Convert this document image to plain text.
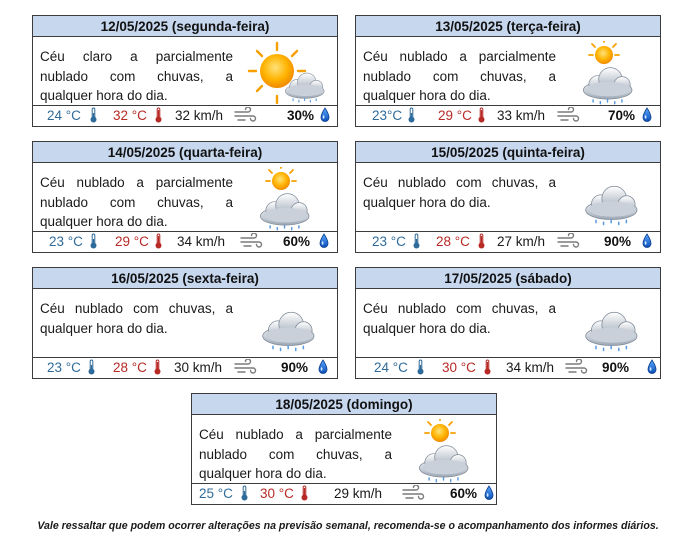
12/05/2025 (segunda-feira)
Céu claro a parcialmente nublado com chuvas, a qualquer hora do dia.
24 °C 32 °C 32 km/h	30%
13/05/2025 (terça-feira)
Céu nublado a parcialmente nublado com chuvas, a qualquer hora do dia.
23°C	29 °C 33 km/h	70%
14/05/2025 (quarta-feira)
Céu nublado a parcialmente nublado com chuvas, a qualquer hora do dia.
23 °C 29 °C 34 km/h	60%
15/05/2025 (quinta-feira)
Céu nublado com chuvas, a qualquer hora do dia.
23 °C 28 °C 27 km/h	90%
16/05/2025 (sexta-feira)
Céu nublado com chuvas, a qualquer hora do dia.
23 °C 28 °C 30 km/h	90%
17/05/2025 (sábado)
Céu nublado com chuvas, a qualquer hora do dia.
24 °C	30 °C 34 km/h	90%
18/05/2025 (domingo)
Céu nublado a parcialmente nublado com chuvas, a qualquer hora do dia.
25 °C 30 °C	29 km/h	60%
Vale ressaltar que podem ocorrer alterações na previsão semanal, recomenda-se o acompanhamento dos informes diários.
